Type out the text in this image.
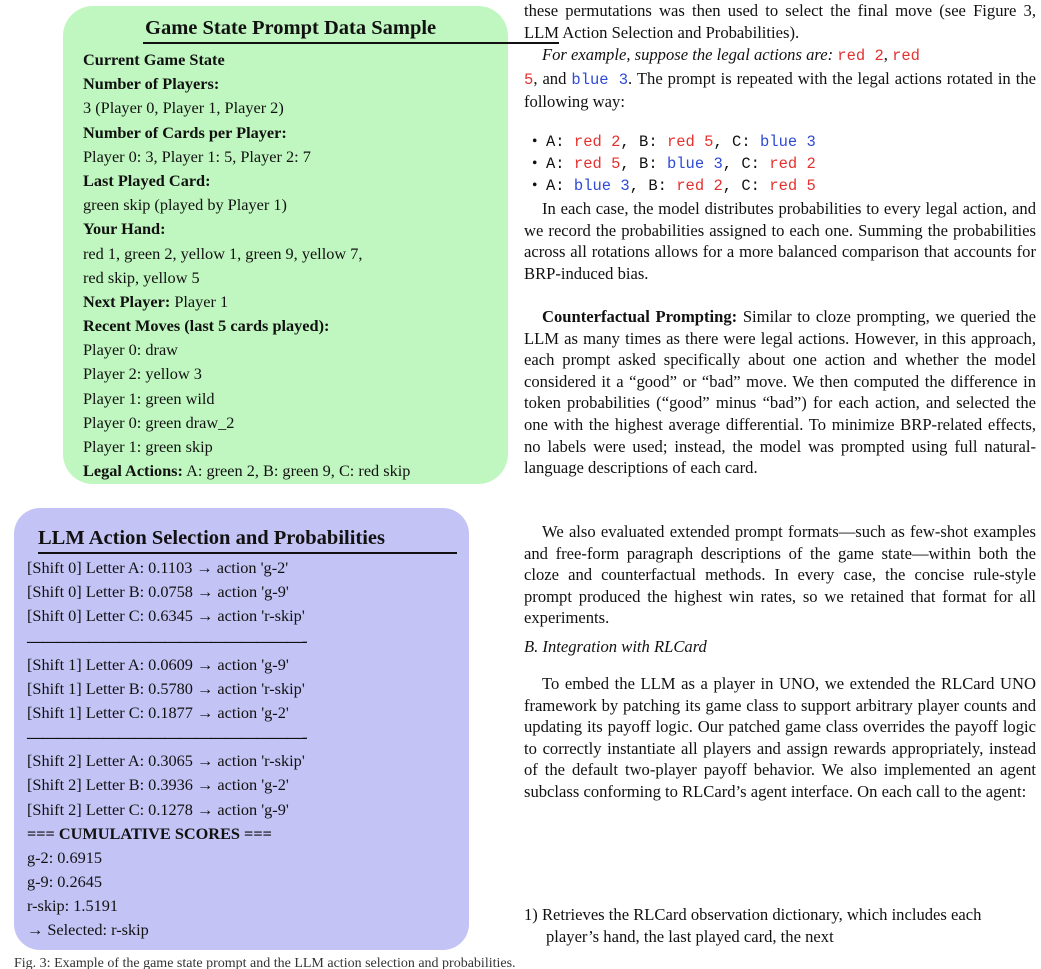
Game State Prompt Data Sample
Current Game State
Number of Players:
3 (Player 0, Player 1, Player 2)
Number of Cards per Player:
Player 0: 3, Player 1: 5, Player 2: 7
Last Played Card:
green skip (played by Player 1)
Your Hand:
red 1, green 2, yellow 1, green 9, yellow 7,
red skip, yellow 5
Next Player: Player 1
Recent Moves (last 5 cards played):
Player 0: draw
Player 2: yellow 3
Player 1: green wild
Player 0: green draw_2
Player 1: green skip
Legal Actions: A: green 2, B: green 9, C: red skip
LLM Action Selection and Probabilities
[Shift 0] Letter A: 0.1103 → action 'g-2'
[Shift 0] Letter B: 0.0758 → action 'g-9'
[Shift 0] Letter C: 0.6345 → action 'r-skip'
——————————————————-
[Shift 1] Letter A: 0.0609 → action 'g-9'
[Shift 1] Letter B: 0.5780 → action 'r-skip'
[Shift 1] Letter C: 0.1877 → action 'g-2'
——————————————————-
[Shift 2] Letter A: 0.3065 → action 'r-skip'
[Shift 2] Letter B: 0.3936 → action 'g-2'
[Shift 2] Letter C: 0.1278 → action 'g-9'
=== CUMULATIVE SCORES ===
g-2: 0.6915
g-9: 0.2645
r-skip: 1.5191
→ Selected: r-skip
Fig. 3: Example of the game state prompt and the LLM action selection and probabilities.
these permutations was then used to select the final move (see Figure 3, LLM Action Selection and Probabilities).
For example, suppose the legal actions are: red 2, red
5, and blue 3. The prompt is repeated with the legal actions rotated in the following way:
• A: red 2, B: red 5, C: blue 3
• A: red 5, B: blue 3, C: red 2
• A: blue 3, B: red 2, C: red 5
In each case, the model distributes probabilities to every legal action, and we record the probabilities assigned to each one. Summing the probabilities across all rotations allows for a more balanced comparison that accounts for BRP-induced bias.
Counterfactual Prompting: Similar to cloze prompting, we queried the LLM as many times as there were legal actions. However, in this approach, each prompt asked specifically about one action and whether the model considered it a “good” or “bad” move. We then computed the difference in token probabilities (“good” minus “bad”) for each action, and selected the one with the highest average differential. To minimize BRP-related effects, no labels were used; instead, the model was prompted using full natural-language descriptions of each card.
We also evaluated extended prompt formats—such as few-shot examples and free-form paragraph descriptions of the game state—within both the cloze and counterfactual methods. In every case, the concise rule-style prompt produced the highest win rates, so we retained that format for all experiments.
B. Integration with RLCard
To embed the LLM as a player in UNO, we extended the RLCard UNO framework by patching its game class to support arbitrary player counts and updating its payoff logic. Our patched game class overrides the payoff logic to correctly instantiate all players and assign rewards appropriately, instead of the default two-player payoff behavior. We also implemented an agent subclass conforming to RLCard’s agent interface. On each call to the agent:
1) Retrieves the RLCard observation dictionary, which includes each player’s hand, the last played card, the next
